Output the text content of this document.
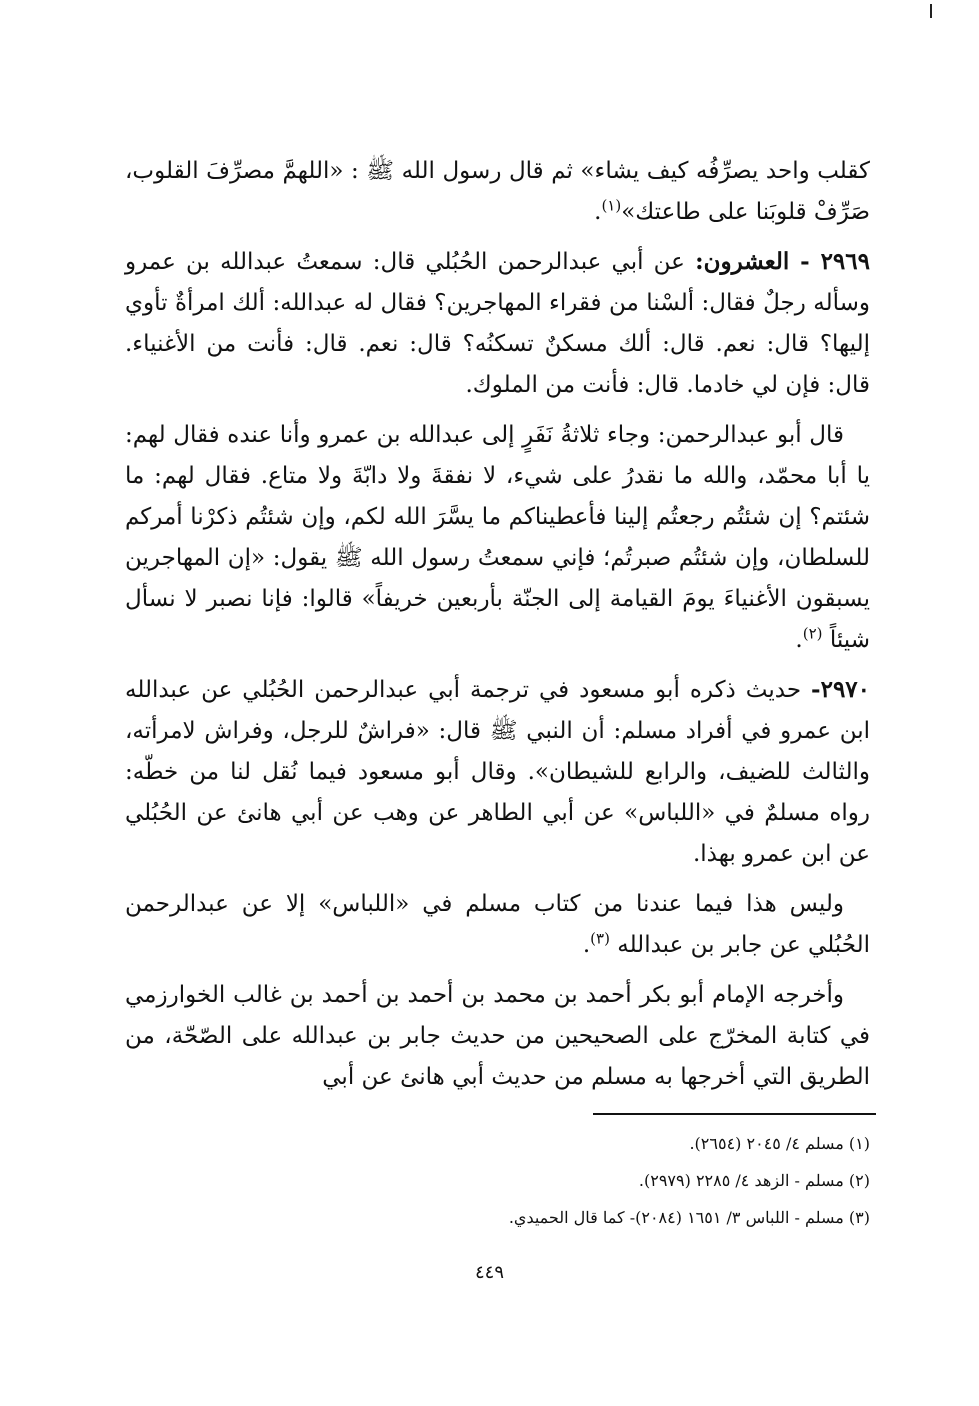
كقلب واحد يصرِّفُه كيف يشاء» ثم قال رسول الله ﷺ : «اللهمَّ مصرِّفَ القلوب، صَرِّفْ قلوبَنا على طاعتك»$^{(١)}$.

٢٩٦٩ - العشرون: عن أبي عبدالرحمن الحُبُلي قال: سمعتُ عبدالله بن عمرو وسأله رجلٌ فقال: ألسْنا من فقراء المهاجرين؟ فقال له عبدالله: ألك امرأةٌ تأوي إليها؟ قال: نعم. قال: ألك مسكنٌ تسكنُه؟ قال: نعم. قال: فأنت من الأغنياء. قال: فإن لي خادما. قال: فأنت من الملوك.

قال أبو عبدالرحمن: وجاء ثلاثةُ نَفَرٍ إلى عبدالله بن عمرو وأنا عنده فقال لهم: يا أبا محمّد، والله ما نقدرُ على شيء، لا نفقةَ ولا دابّةَ ولا متاع. فقال لهم: ما شئتم؟ إن شئتُم رجعتُم إلينا فأعطيناكم ما يسَّرَ الله لكم، وإن شئتُم ذكرْنا أمركم للسلطان، وإن شئتُم صبرتُم؛ فإني سمعتُ رسول الله ﷺ يقول: «إن المهاجرين يسبقون الأغنياءَ يومَ القيامة إلى الجنّة بأربعين خريفاً» قالوا: فإنا نصبر لا نسأل شيئاً $^{(٢)}$.

٢٩٧٠- حديث ذكره أبو مسعود في ترجمة أبي عبدالرحمن الحُبُلي عن عبدالله ابن عمرو في أفراد مسلم: أن النبي ﷺ قال: «فراشٌ للرجل، وفراش لامرأته، والثالث للضيف، والرابع للشيطان». وقال أبو مسعود فيما نُقل لنا من خطّه: رواه مسلمٌ في «اللباس» عن أبي الطاهر عن وهب عن أبي هانئ عن الحُبُلي عن ابن عمرو بهذا.

وليس هذا فيما عندنا من كتاب مسلم في «اللباس» إلا عن عبدالرحمن الحُبُلي عن جابر بن عبدالله $^{(٣)}$.

وأخرجه الإمام أبو بكر أحمد بن محمد بن أحمد بن أحمد بن غالب الخوارزمي في كتابة المخرّج على الصحيحين من حديث جابر بن عبدالله على الصّحّة، من الطريق التي أخرجها به مسلم من حديث أبي هانئ عن أبي

(١) مسلم ٤/ ٢٠٤٥ (٢٦٥٤).

(٢) مسلم - الزهد ٤/ ٢٢٨٥ (٢٩٧٩).

(٣) مسلم - اللباس ٣/ ١٦٥١ (٢٠٨٤)- كما قال الحميدي.

٤٤٩
